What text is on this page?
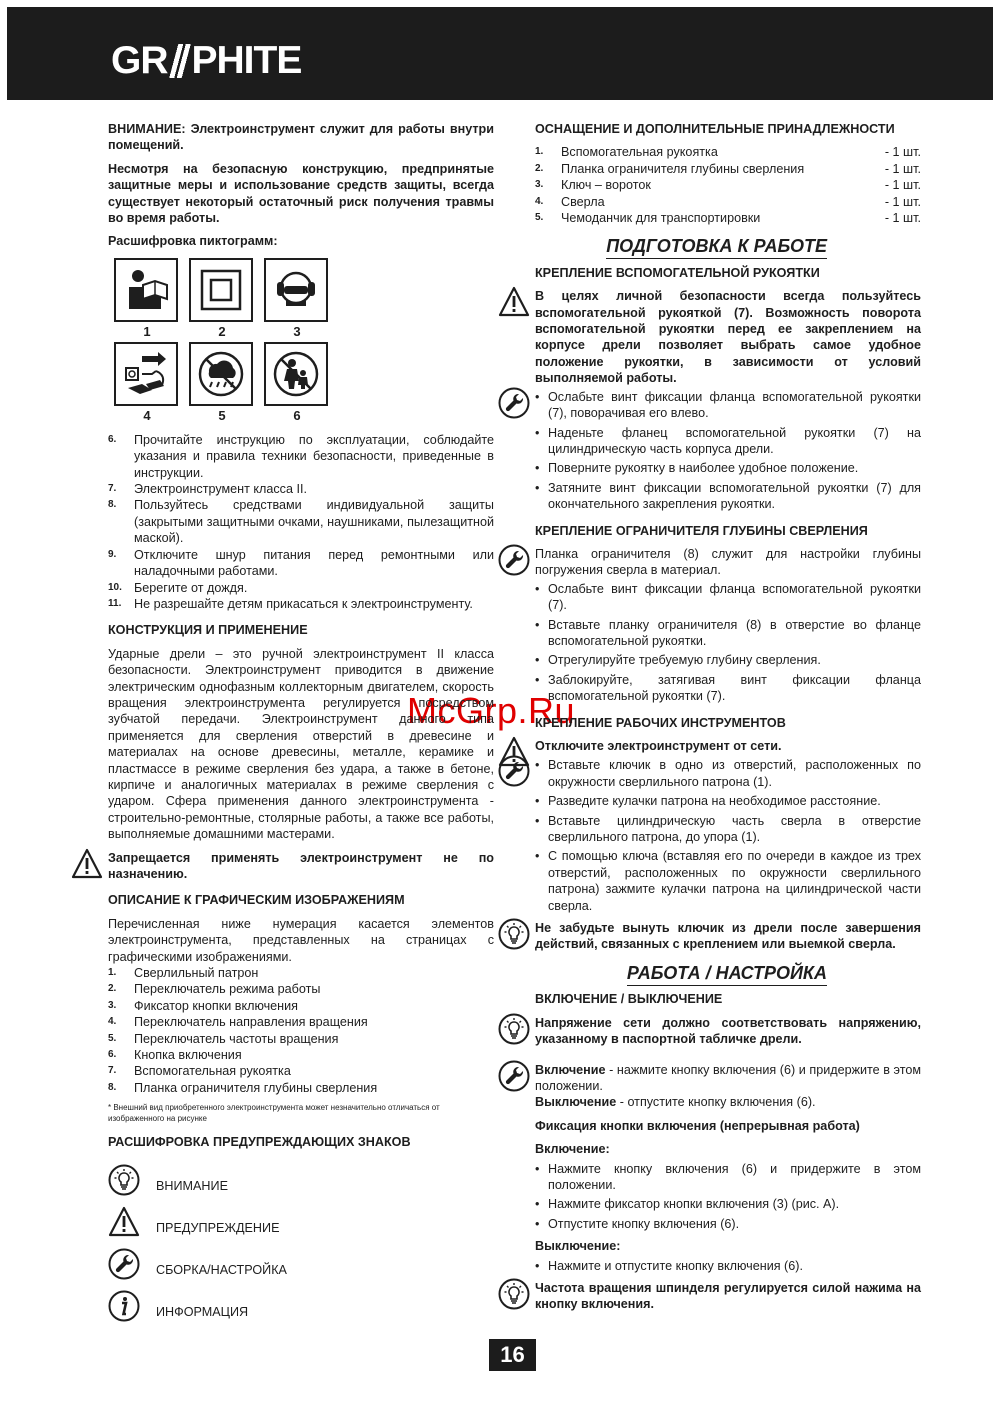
GR PHITE
McGrp.Ru

ВНИМАНИЕ: Электроинструмент служит для работы внутри помещений.

Несмотря на безопасную конструкцию, предпринятые защитные меры и использование средств защиты, всегда существует некоторый остаточный риск получения травмы во время работы.

Расшифровка пиктограмм:

1	2	3
4	5	6
6.	Прочитайте инструкцию по эксплуатации, соблюдайте указания и правила техники безопасности, приведенные в инструкции.
7.	Электроинструмент класса II.
8.	Пользуйтесь средствами индивидуальной защиты (закрытыми защитными очками, наушниками, пылезащитной маской).
9.	Отключите шнур питания перед ремонтными или наладочными работами.
10. Берегите от дождя.
11.	Не разрешайте детям прикасаться к электроинструменту.
КОНСТРУКЦИЯ И ПРИМЕНЕНИЕ

Ударные дрели – это ручной электроинструмент II класса безопасности. Электроинструмент приводится в движение электрическим однофазным коллекторным двигателем, скорость вращения электроинструмента регулируется посредством зубчатой передачи. Электроинструмент данного типа применяется для сверления отверстий в древесине и материалах на основе древесины, металле, керамике и пластмассе в режиме сверления без удара, а также в бетоне, кирпиче и аналогичных материалах в режиме сверления с ударом. Сфера применения данного электроинструмента - строительно-ремонтные, столярные работы, а также все работы, выполняемые домашними мастерами.

Запрещается применять электроинструмент не по назначению.

ОПИСАНИЕ К ГРАФИЧЕСКИМ ИЗОБРАЖЕНИЯМ

Перечисленная ниже нумерация касается элементов электроинструмента, представленных на страницах с графическими изображениями.

1.	Сверлильный патрон
2.	Переключатель режима работы
3.	Фиксатор кнопки включения
4.	Переключатель направления вращения
5.	Переключатель частоты вращения
6.	Кнопка включения
7.	Вспомогательная рукоятка
8.	Планка ограничителя глубины сверления
* Внешний вид приобретенного электроинструмента может незначительно отличаться от изображенного на рисунке
РАСШИФРОВКА ПРЕДУПРЕЖДАЮЩИХ ЗНАКОВ
ВНИМАНИЕ
ПРЕДУПРЕЖДЕНИЕ
СБОРКА/НАСТРОЙКА
ИНФОРМАЦИЯ
ОСНАЩЕНИЕ И ДОПОЛНИТЕЛЬНЫЕ ПРИНАДЛЕЖНОСТИ
1.	Вспомогательная рукоятка	- 1 шт.
2.	Планка ограничителя глубины сверления	- 1 шт.
3.	Ключ – вороток	- 1 шт.
4.	Сверла	- 1 шт.
5.	Чемоданчик для транспортировки	- 1 шт.
ПОДГОТОВКА К РАБОТЕ
КРЕПЛЕНИЕ ВСПОМОГАТЕЛЬНОЙ РУКОЯТКИ

В целях личной безопасности всегда пользуйтесь вспомогательной рукояткой (7). Возможность поворота вспомогательной рукоятки перед ее закреплением на корпусе дрели позволяет выбрать самое удобное положение рукоятки, в зависимости от условий выполняемой работы.

• Ослабьте винт фиксации фланца вспомогательной рукоятки (7), поворачивая его влево.
• Наденьте фланец вспомогательной рукоятки (7) на цилиндрическую часть корпуса дрели.
• Поверните рукоятку в наиболее удобное положение.
• Затяните винт фиксации вспомогательной рукоятки (7) для окончательного закрепления рукоятки.
КРЕПЛЕНИЕ ОГРАНИЧИТЕЛЯ ГЛУБИНЫ СВЕРЛЕНИЯ

Планка ограничителя (8) служит для настройки глубины погружения сверла в материал.

• Ослабьте винт фиксации фланца вспомогательной рукоятки (7).
• Вставьте планку ограничителя (8) в отверстие во фланце вспомогательной рукоятки.
• Отрегулируйте требуемую глубину сверления.
• Заблокируйте, затягивая винт фиксации фланца вспомогательной рукоятки (7).
КРЕПЛЕНИЕ РАБОЧИХ ИНСТРУМЕНТОВ

Отключите электроинструмент от сети.

• Вставьте ключик в одно из отверстий, расположенных по окружности сверлильного патрона (1).
• Разведите кулачки патрона на необходимое расстояние.
• Вставьте цилиндрическую часть сверла в отверстие сверлильного патрона, до упора (1).
• С помощью ключа (вставляя его по очереди в каждое из трех отверстий, расположенных по окружности сверлильного патрона) зажмите кулачки патрона на цилиндрической части сверла.

Не забудьте вынуть ключик из дрели после завершения действий, связанных с креплением или выемкой сверла.

РАБОТА / НАСТРОЙКА
ВКЛЮЧЕНИЕ / ВЫКЛЮЧЕНИЕ

Напряжение сети должно соответствовать напряжению, указанному в паспортной табличке дрели.

Включение - нажмите кнопку включения (6) и придержите в этом положении.

Выключение - отпустите кнопку включения (6).

Фиксация кнопки включения (непрерывная работа)

Включение:

• Нажмите кнопку включения (6) и придержите в этом положении.
• Нажмите фиксатор кнопки включения (3) (рис. A).
• Отпустите кнопку включения (6).

Выключение:

• Нажмите и отпустите кнопку включения (6).

Частота вращения шпинделя регулируется силой нажима на кнопку включения.

16
